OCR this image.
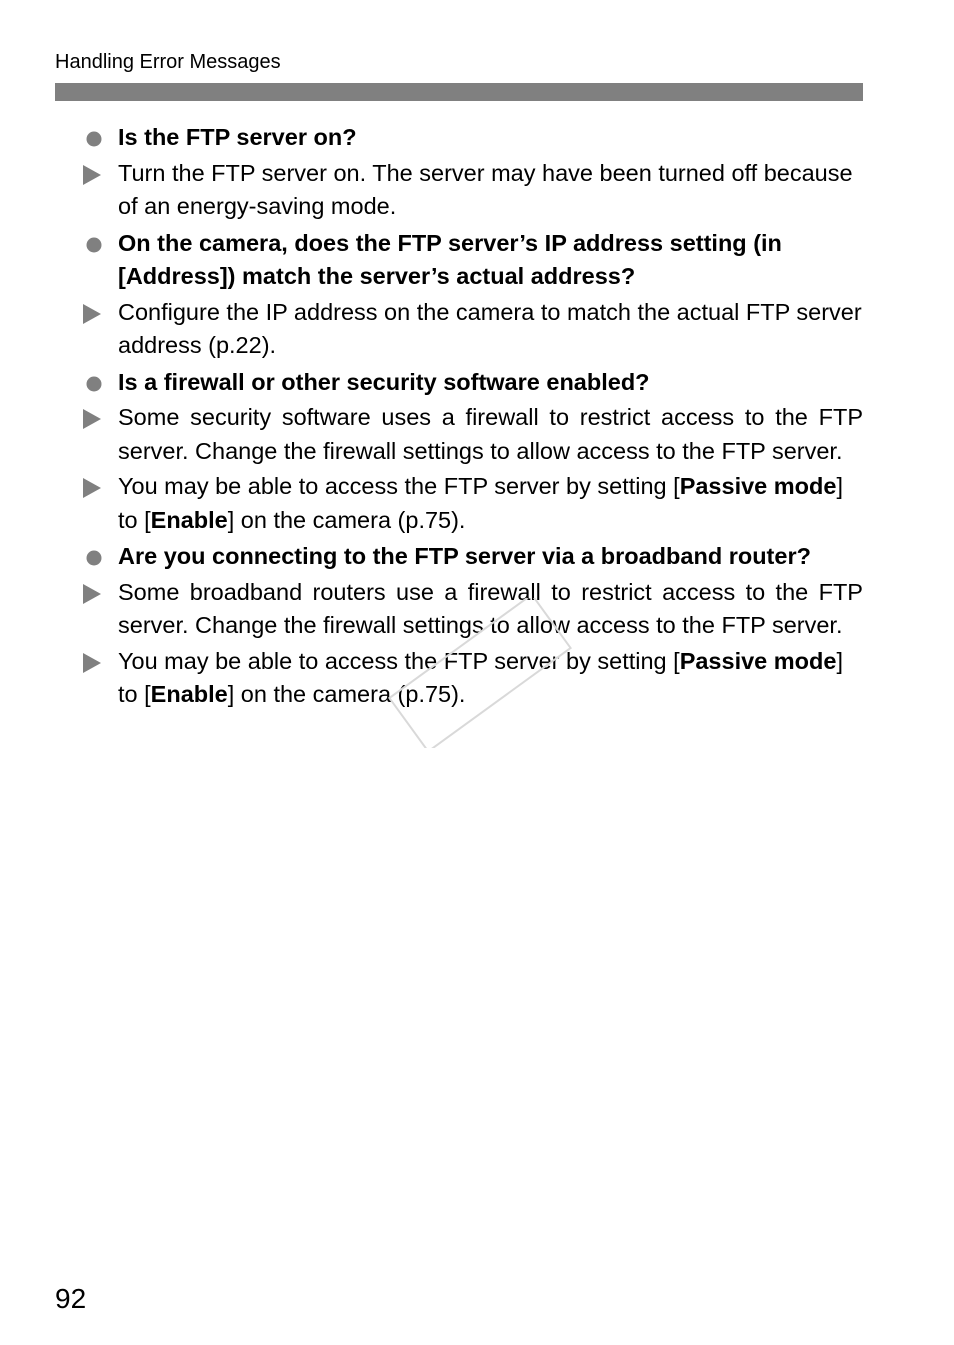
Handling Error Messages
Is the FTP server on?
Turn the FTP server on. The server may have been turned off because of an energy-saving mode.
On the camera, does the FTP server’s IP address setting (in [Address]) match the server’s actual address?
Configure the IP address on the camera to match the actual FTP server address (p.22).
Is a firewall or other security software enabled?
Some security software uses a firewall to restrict access to the FTP server. Change the firewall settings to allow access to the FTP server.
You may be able to access the FTP server by setting [Passive mode] to [Enable] on the camera (p.75).
Are you connecting to the FTP server via a broadband router?
Some broadband routers use a firewall to restrict access to the FTP server. Change the firewall settings to allow access to the FTP server.
You may be able to access the FTP server by setting [Passive mode] to [Enable] on the camera (p.75).
92
